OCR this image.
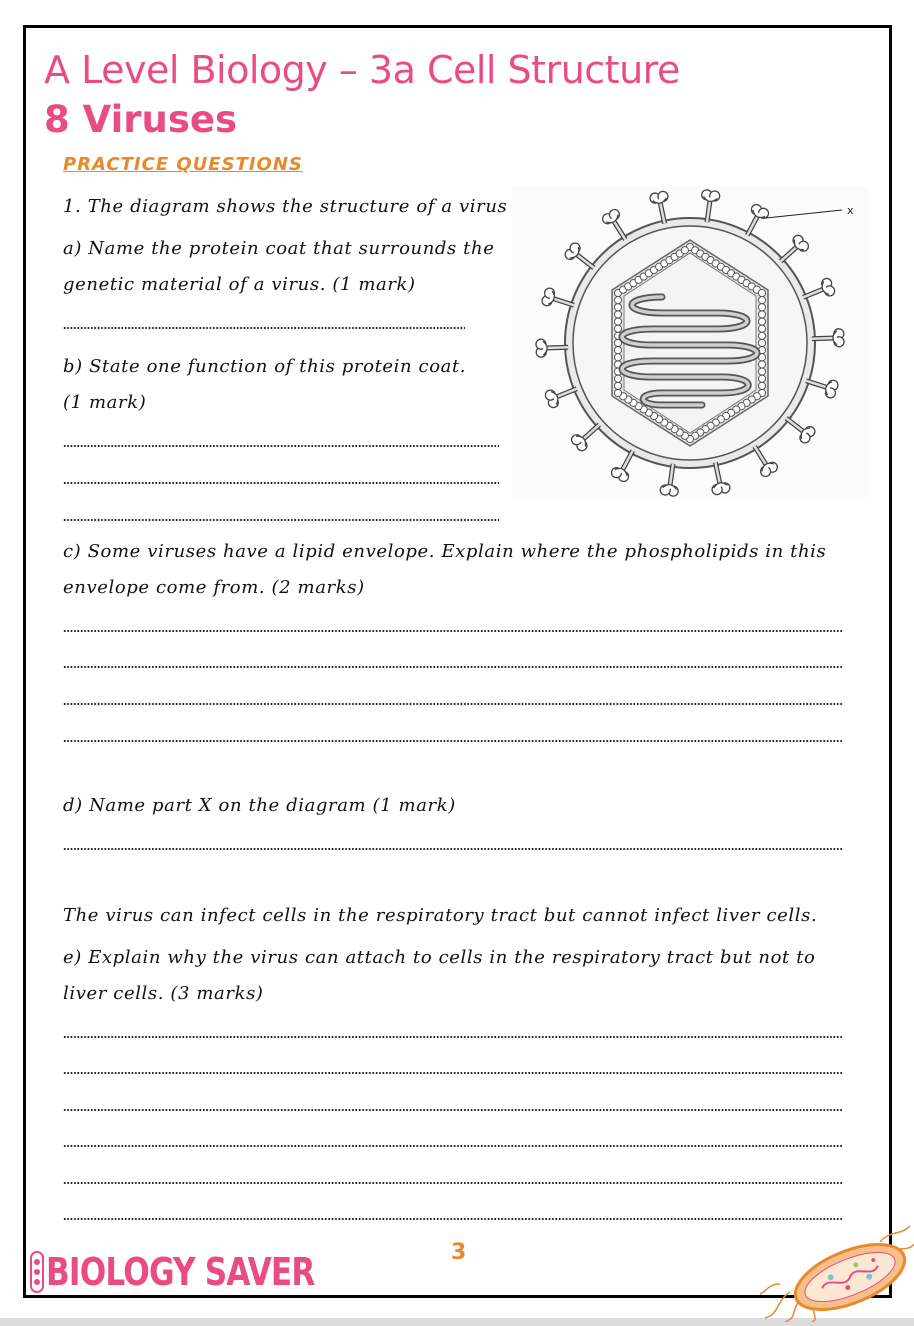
A Level Biology – 3a Cell Structure
8 Viruses
PRACTICE QUESTIONS
1. The diagram shows the structure of a virus
a) Name the protein coat that surrounds the
genetic material of a virus. (1 mark)
b) State one function of this protein coat.
(1 mark)
c) Some viruses have a lipid envelope. Explain where the phospholipids in this
envelope come from. (2 marks)
d) Name part X on the diagram (1 mark)
The virus can infect cells in the respiratory tract but cannot infect liver cells.
e) Explain why the virus can attach to cells in the respiratory tract but not to
liver cells. (3 marks)
x
BIOLOGY SAVER	3
